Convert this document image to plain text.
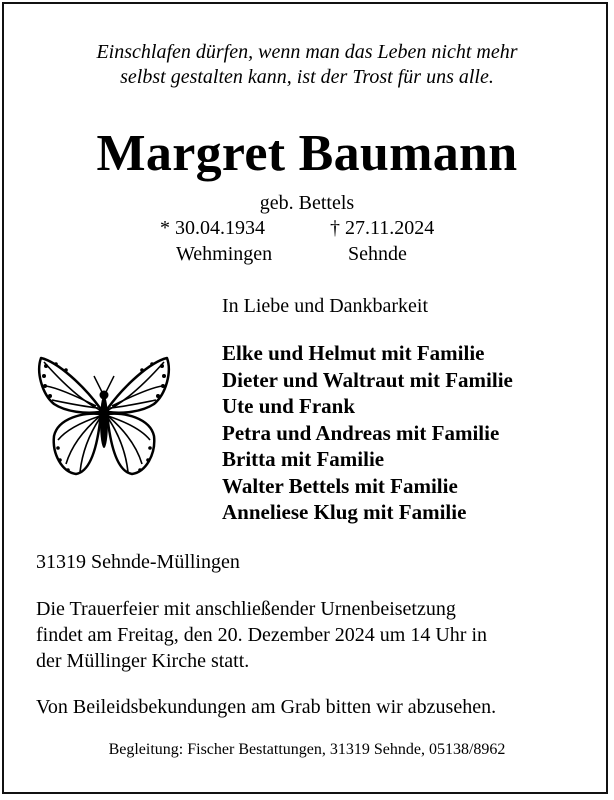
Einschlafen dürfen, wenn man das Leben nicht mehr
selbst gestalten kann, ist der Trost für uns alle.
Margret Baumann
geb. Bettels
* 30.04.1934	† 27.11.2024
Wehmingen	Sehnde
In Liebe und Dankbarkeit
Elke und Helmut mit Familie
Dieter und Waltraut mit Familie
Ute und Frank
Petra und Andreas mit Familie
Britta mit Familie
Walter Bettels mit Familie
Anneliese Klug mit Familie
31319 Sehnde-Müllingen
Die Trauerfeier mit anschließender Urnenbeisetzung
findet am Freitag, den 20. Dezember 2024 um 14 Uhr in
der Müllinger Kirche statt.
Von Beileidsbekundungen am Grab bitten wir abzusehen.
Begleitung: Fischer Bestattungen, 31319 Sehnde, 05138/8962
